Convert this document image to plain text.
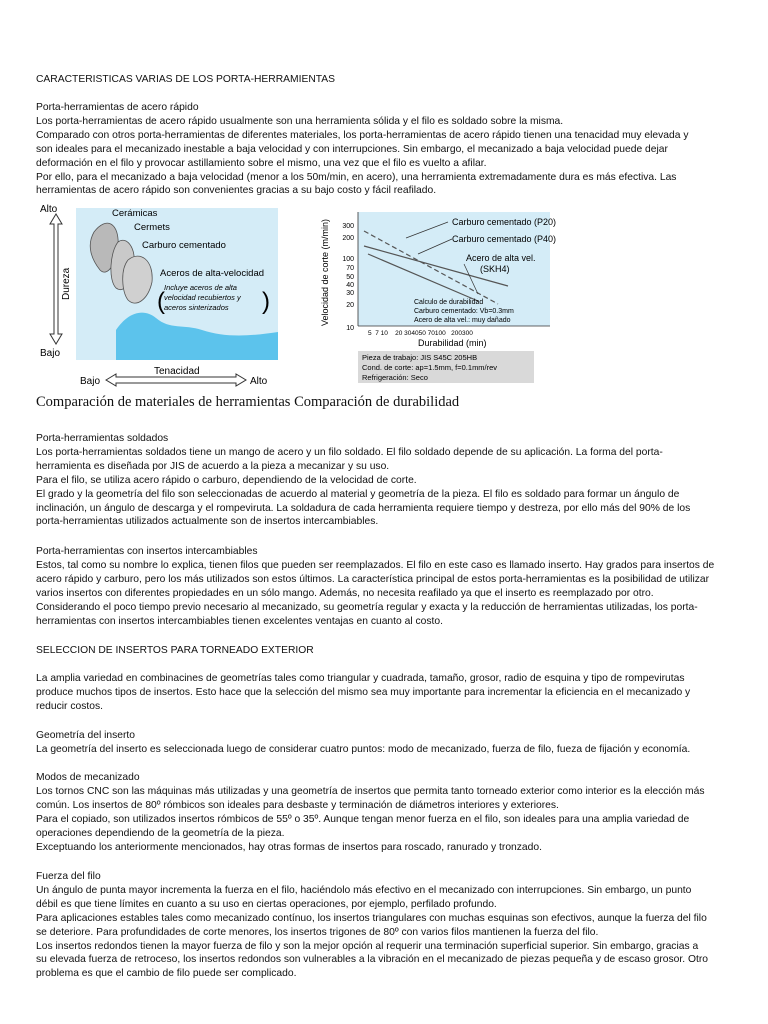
CARACTERISTICAS VARIAS DE LOS PORTA-HERRAMIENTAS

Porta-herramientas de acero rápido

Los porta-herramientas de acero rápido usualmente son una herramienta sólida y el filo es soldado sobre la misma.

Comparado con otros porta-herramientas de diferentes materiales, los porta-herramientas de acero rápido tienen una tenacidad muy elevada y

son ideales para el mecanizado inestable a baja velocidad y con interrupciones. Sin embargo, el mecanizado a baja velocidad puede dejar

deformación en el filo y provocar astillamiento sobre el mismo, una vez que el filo es vuelto a afilar.

Por ello, para el mecanizado a baja velocidad (menor a los 50m/min, en acero), una herramienta extremadamente dura es más efectiva. Las

herramientas de acero rápido son convenientes gracias a su bajo costo y fácil reafilado.

Alto
Bajo
Dureza
Cerámicas
Cermets
Carburo cementado
Aceros de alta-velocidad
Incluye aceros de alta
velocidad recubiertos y
aceros sinterizados
(	)
Tenacidad
Bajo	Alto
Velocidad de corte (m/min) 300
200
100
70
50
40
30
20
10
5  7 10    20 304050 70100   200300
Durabilidad (min)
Carburo cementado (P20)
Carburo cementado (P40)
Acero de alta vel.
(SKH4)
Calculo de durabilidad
Carburo cementado: Vb=0.3mm
Acero de alta vel.: muy dañado
Pieza de trabajo: JIS S45C 205HB
Cond. de corte: ap=1.5mm, f=0.1mm/rev
Refrigeración: Seco
Comparación de materiales de herramientas Comparación de durabilidad

Porta-herramientas soldados

Los porta-herramientas soldados tiene un mango de acero y un filo soldado. El filo soldado depende de su aplicación. La forma del porta-

herramienta es diseñada por JIS de acuerdo a la pieza a mecanizar y su uso.

Para el filo, se utiliza acero rápido o carburo, dependiendo de la velocidad de corte.

El grado y la geometría del filo son seleccionadas de acuerdo al material y geometría de la pieza. El filo es soldado para formar un ángulo de

inclinación, un ángulo de descarga y el rompeviruta. La soldadura de cada herramienta requiere tiempo y destreza, por ello más del 90% de los

porta-herramientas utilizados actualmente son de insertos intercambiables.

Porta-herramientas con insertos intercambiables

Estos, tal como su nombre lo explica, tienen filos que pueden ser reemplazados. El filo en este caso es llamado inserto. Hay grados para insertos de

acero rápido y carburo, pero los más utilizados son estos últimos. La característica principal de estos porta-herramientas es la posibilidad de utilizar

varios insertos con diferentes propiedades en un sólo mango. Además, no necesita reafilado ya que el inserto es reemplazado por otro.

Considerando el poco tiempo previo necesario al mecanizado, su geometría regular y exacta y la reducción de herramientas utilizadas, los porta-

herramientas con insertos intercambiables tienen excelentes ventajas en cuanto al costo.

SELECCION DE INSERTOS PARA TORNEADO EXTERIOR

La amplia variedad en combinacines de geometrías tales como triangular y cuadrada, tamaño, grosor, radio de esquina y tipo de rompevirutas

produce muchos tipos de insertos. Esto hace que la selección del mismo sea muy importante para incrementar la eficiencia en el mecanizado y

reducir costos.

Geometría del inserto

La geometría del inserto es seleccionada luego de considerar cuatro puntos: modo de mecanizado, fuerza de filo, fueza de fijación y economía.

Modos de mecanizado

Los tornos CNC son las máquinas más utilizadas y una geometría de insertos que permita tanto torneado exterior como interior es la elección más

común. Los insertos de 80º rómbicos son ideales para desbaste y terminación de diámetros interiores y exteriores.

Para el copiado, son utilizados insertos rómbicos de 55º o 35º. Aunque tengan menor fuerza en el filo, son ideales para una amplia variedad de

operaciones dependiendo de la geometría de la pieza.

Exceptuando los anteriormente mencionados, hay otras formas de insertos para roscado, ranurado y tronzado.

Fuerza del filo

Un ángulo de punta mayor incrementa la fuerza en el filo, haciéndolo más efectivo en el mecanizado con interrupciones. Sin embargo, un punto

débil es que tiene límites en cuanto a su uso en ciertas operaciones, por ejemplo, perfilado profundo.

Para aplicaciones estables tales como mecanizado contínuo, los insertos triangulares con muchas esquinas son efectivos, aunque la fuerza del filo

se deteriore. Para profundidades de corte menores, los insertos trigones de 80º con varios filos mantienen la fuerza del filo.

Los insertos redondos tienen la mayor fuerza de filo y son la mejor opción al requerir una terminación superficial superior. Sin embargo, gracias a

su elevada fuerza de retroceso, los insertos redondos son vulnerables a la vibración en el mecanizado de piezas pequeña y de escaso grosor. Otro

problema es que el cambio de filo puede ser complicado.
